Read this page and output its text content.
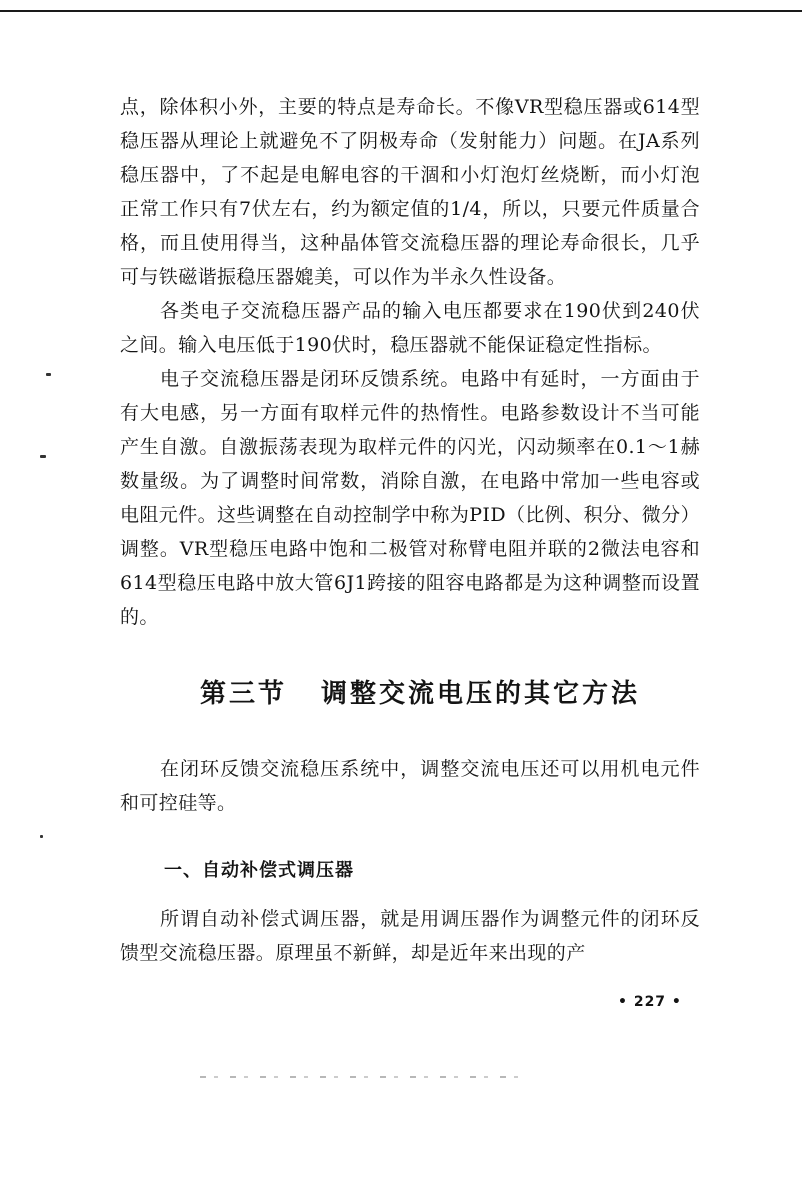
点，除体积小外，主要的特点是寿命长。不像VR型稳压器或614型稳压器从理论上就避免不了阴极寿命（发射能力）问题。在JA系列稳压器中，了不起是电解电容的干涸和小灯泡灯丝烧断，而小灯泡正常工作只有7伏左右，约为额定值的1/4，所以，只要元件质量合格，而且使用得当，这种晶体管交流稳压器的理论寿命很长，几乎可与铁磁谐振稳压器媲美，可以作为半永久性设备。

各类电子交流稳压器产品的输入电压都要求在190伏到240伏之间。输入电压低于190伏时，稳压器就不能保证稳定性指标。

电子交流稳压器是闭环反馈系统。电路中有延时，一方面由于有大电感，另一方面有取样元件的热惰性。电路参数设计不当可能产生自激。自激振荡表现为取样元件的闪光，闪动频率在0.1～1赫数量级。为了调整时间常数，消除自激，在电路中常加一些电容或电阻元件。这些调整在自动控制学中称为PID（比例、积分、微分）调整。VR型稳压电路中饱和二极管对称臂电阻并联的2微法电容和614型稳压电路中放大管6J1跨接的阻容电路都是为这种调整而设置的。

第三节 调整交流电压的其它方法

在闭环反馈交流稳压系统中，调整交流电压还可以用机电元件和可控硅等。

一、自动补偿式调压器

所谓自动补偿式调压器，就是用调压器作为调整元件的闭环反馈型交流稳压器。原理虽不新鲜，却是近年来出现的产

• 227 •
